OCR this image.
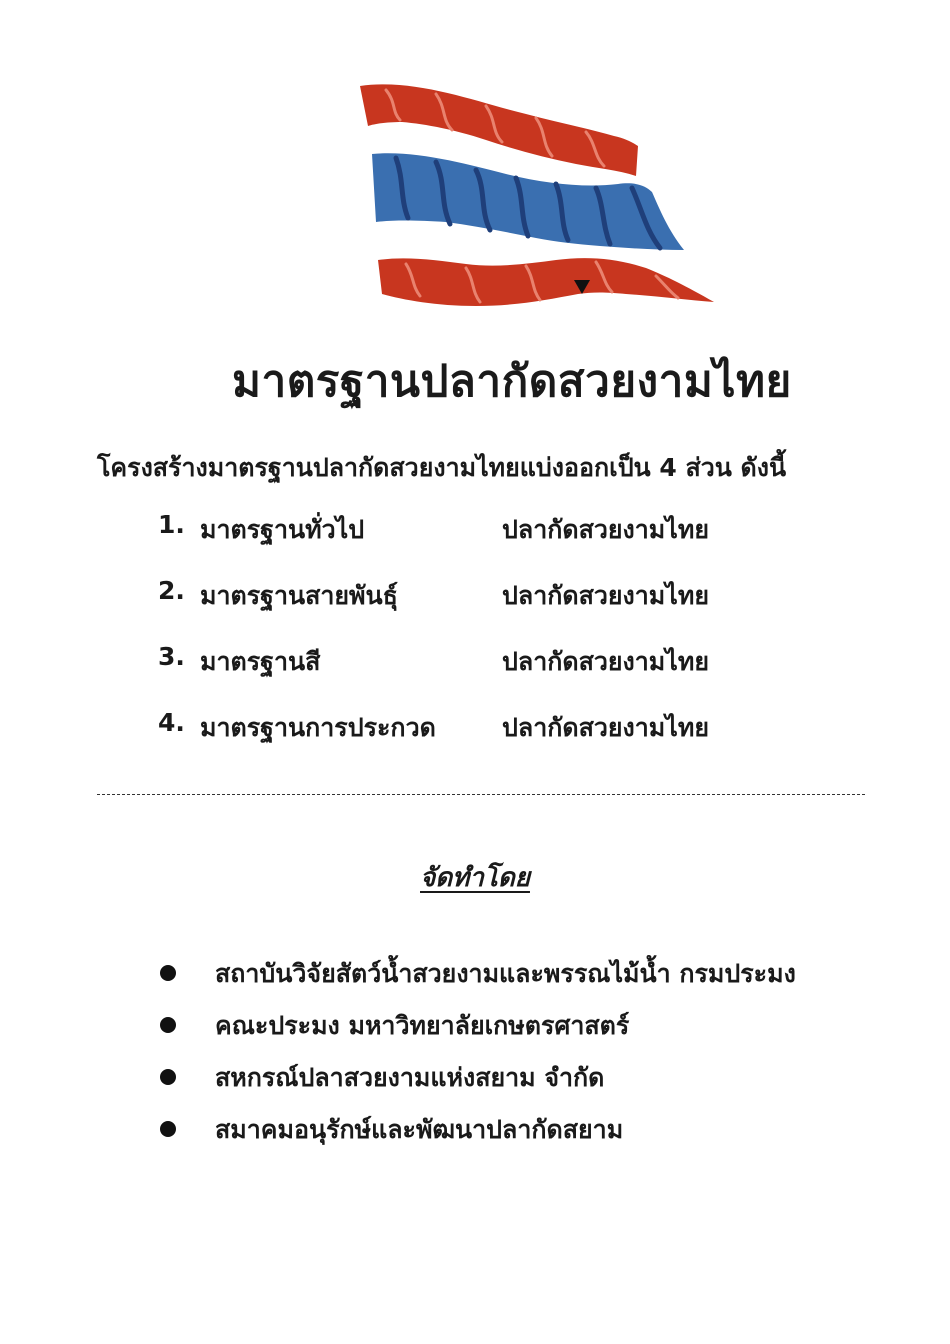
มาตรฐานปลากัดสวยงามไทย
โครงสร้างมาตรฐานปลากัดสวยงามไทยแบ่งออกเป็น 4 ส่วน ดังนี้
1. มาตรฐานทั่วไป	ปลากัดสวยงามไทย
2. มาตรฐานสายพันธุ์	ปลากัดสวยงามไทย
3. มาตรฐานสี	ปลากัดสวยงามไทย
4. มาตรฐานการประกวด	ปลากัดสวยงามไทย
จัดทำโดย
สถาบันวิจัยสัตว์น้ำสวยงามและพรรณไม้น้ำ กรมประมง
คณะประมง มหาวิทยาลัยเกษตรศาสตร์
สหกรณ์ปลาสวยงามแห่งสยาม จำกัด
สมาคมอนุรักษ์และพัฒนาปลากัดสยาม
